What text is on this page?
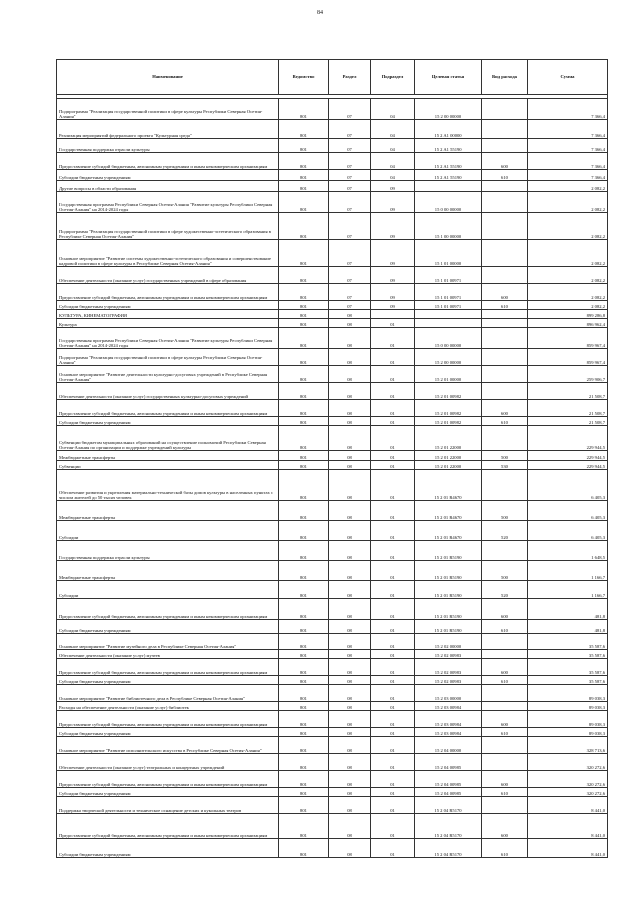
84
Наименование	Ведомство	Раздел	Подраздел	Целевая статья	Вид расхода	Сумма

Подпрограмма "Реализация государственной политики в сфере культуры Республики Северная Осетия-Алания"	801	07	04	15 2 00 00000		7 366,4
Реализация мероприятий федерального проекта "Культурная среда"	801	07	04	15 2 A1 00000		7 366,4
Государственная поддержка отрасли культуры	801	07	04	15 2 A1 55190		7 366,4
Предоставление субсидий бюджетным, автономным учреждениям и иным некоммерческим организациям	801	07	04	15 2 A1 55190	600	7 366,4
Субсидии бюджетным учреждениям	801	07	04	15 2 A1 55190	610	7 366,4
Другие вопросы в области образования	801	07	09			2 082,2
Государственная программа Республики Северная Осетия-Алания "Развитие культуры Республики Северная Осетия-Алания" на 2014-2024 годы	801	07	09	15 0 00 00000		2 082,2
Подпрограмма "Реализация государственной политики в сфере художественно-эстетического образования в Республике Северная Осетия-Алания"	801	07	09	15 1 00 00000		2 082,2
Основное мероприятие "Развитие системы художественно-эстетического образования и совершенствование кадровой политики в сфере культуры в Республике Северная Осетия-Алания"	801	07	09	15 1 01 00000		2 082,2
Обеспечение деятельности (оказание услуг) государственных учреждений в сфере образования	801	07	09	15 1 01 00971		2 082,2
Предоставление субсидий бюджетным, автономным учреждениям и иным некоммерческим организациям	801	07	09	15 1 01 00971	600	2 082,2
Субсидии бюджетным учреждениям	801	07	09	15 1 01 00971	610	2 082,2
КУЛЬТУРА, КИНЕМАТОГРАФИЯ	801	08				899 286,8
Культура	801	08	01			896 962,4
Государственная программа Республики Северная Осетия-Алания "Развитие культуры Республики Северная Осетия-Алания" на 2014-2024 годы	801	08	01	15 0 00 00000		859 967,4
Подпрограмма "Реализация государственной политики в сфере культуры Республики Северная Осетия-Алания"	801	08	01	15 2 00 00000		859 967,4
Основное мероприятие "Развитие деятельности культурно-досуговых учреждений в Республике Северная Осетия-Алания"	801	08	01	15 2 01 00000		259 906,7
Обеспечение деятельности (оказание услуг) государственных культурно-досуговых учреждений	801	08	01	15 2 01 00982		21 508,7
Предоставление субсидий бюджетным, автономным учреждениям и иным некоммерческим организациям	801	08	01	15 2 01 00982	600	21 508,7
Субсидии бюджетным учреждениям	801	08	01	15 2 01 00982	610	21 508,7
Субвенции бюджетам муниципальных образований на осуществление полномочий Республики Северная Осетия-Алания по организации и поддержке учреждений культуры	801	08	01	15 2 01 22000		229 944,5
Межбюджетные трансферты	801	08	01	15 2 01 22000	500	229 944,5
Субвенции	801	08	01	15 2 01 22000	530	229 944,5
Обеспечение развития и укрепления материально-технической базы домов культуры в населенных пунктах с числом жителей до 50 тысяч человек	801	08	01	15 2 01 R4670		6 405,3
Межбюджетные трансферты	801	08	01	15 2 01 R4670	500	6 405,3
Субсидии	801	08	01	15 2 01 R4670	520	6 405,3
Государственная поддержка отрасли культуры	801	08	01	15 2 01 R5190		1 648,5
Межбюджетные трансферты	801	08	01	15 2 01 R5190	500	1 166,7
Субсидии	801	08	01	15 2 01 R5190	520	1 166,7
Предоставление субсидий бюджетным, автономным учреждениям и иным некоммерческим организациям	801	08	01	15 2 01 R5190	600	481,8
Субсидии бюджетным учреждениям	801	08	01	15 2 01 R5190	610	481,8
Основное мероприятие "Развитие музейного дела в Республике Северная Осетия-Алания"	801	08	01	15 2 02 00000		35 587,6
Обеспечение деятельности (оказание услуг) музеев	801	08	01	15 2 02 00983		35 587,6
Предоставление субсидий бюджетным, автономным учреждениям и иным некоммерческим организациям	801	08	01	15 2 02 00983	600	35 587,6
Субсидии бюджетным учреждениям	801	08	01	15 2 02 00983	610	35 587,6
Основное мероприятие "Развитие библиотечного дела в Республике Северная Осетия-Алания"	801	08	01	15 2 03 00000		89 038,3
Расходы на обеспечение деятельности (оказание услуг) библиотек	801	08	01	15 2 03 00984		89 038,3
Предоставление субсидий бюджетным, автономным учреждениям и иным некоммерческим организациям	801	08	01	15 2 03 00984	600	89 038,3
Субсидии бюджетным учреждениям	801	08	01	15 2 03 00984	610	89 038,3
Основное мероприятие "Развитие исполнительского искусства в Республике Северная Осетия-Алания"	801	08	01	15 2 04 00000		328 713,6
Обеспечение деятельности (оказание услуг) театральных и концертных учреждений	801	08	01	15 2 04 00985		320 272,6
Предоставление субсидий бюджетным, автономным учреждениям и иным некоммерческим организациям	801	08	01	15 2 04 00985	600	320 272,6
Субсидии бюджетным учреждениям	801	08	01	15 2 04 00985	610	320 272,6
Поддержка творческой деятельности и техническое оснащение детских и кукольных театров	801	08	01	15 2 04 R5170		8 441,0
Предоставление субсидий бюджетным, автономным учреждениям и иным некоммерческим организациям	801	08	01	15 2 04 R5170	600	8 441,0
Субсидии бюджетным учреждениям	801	08	01	15 2 04 R5170	610	8 441,0
